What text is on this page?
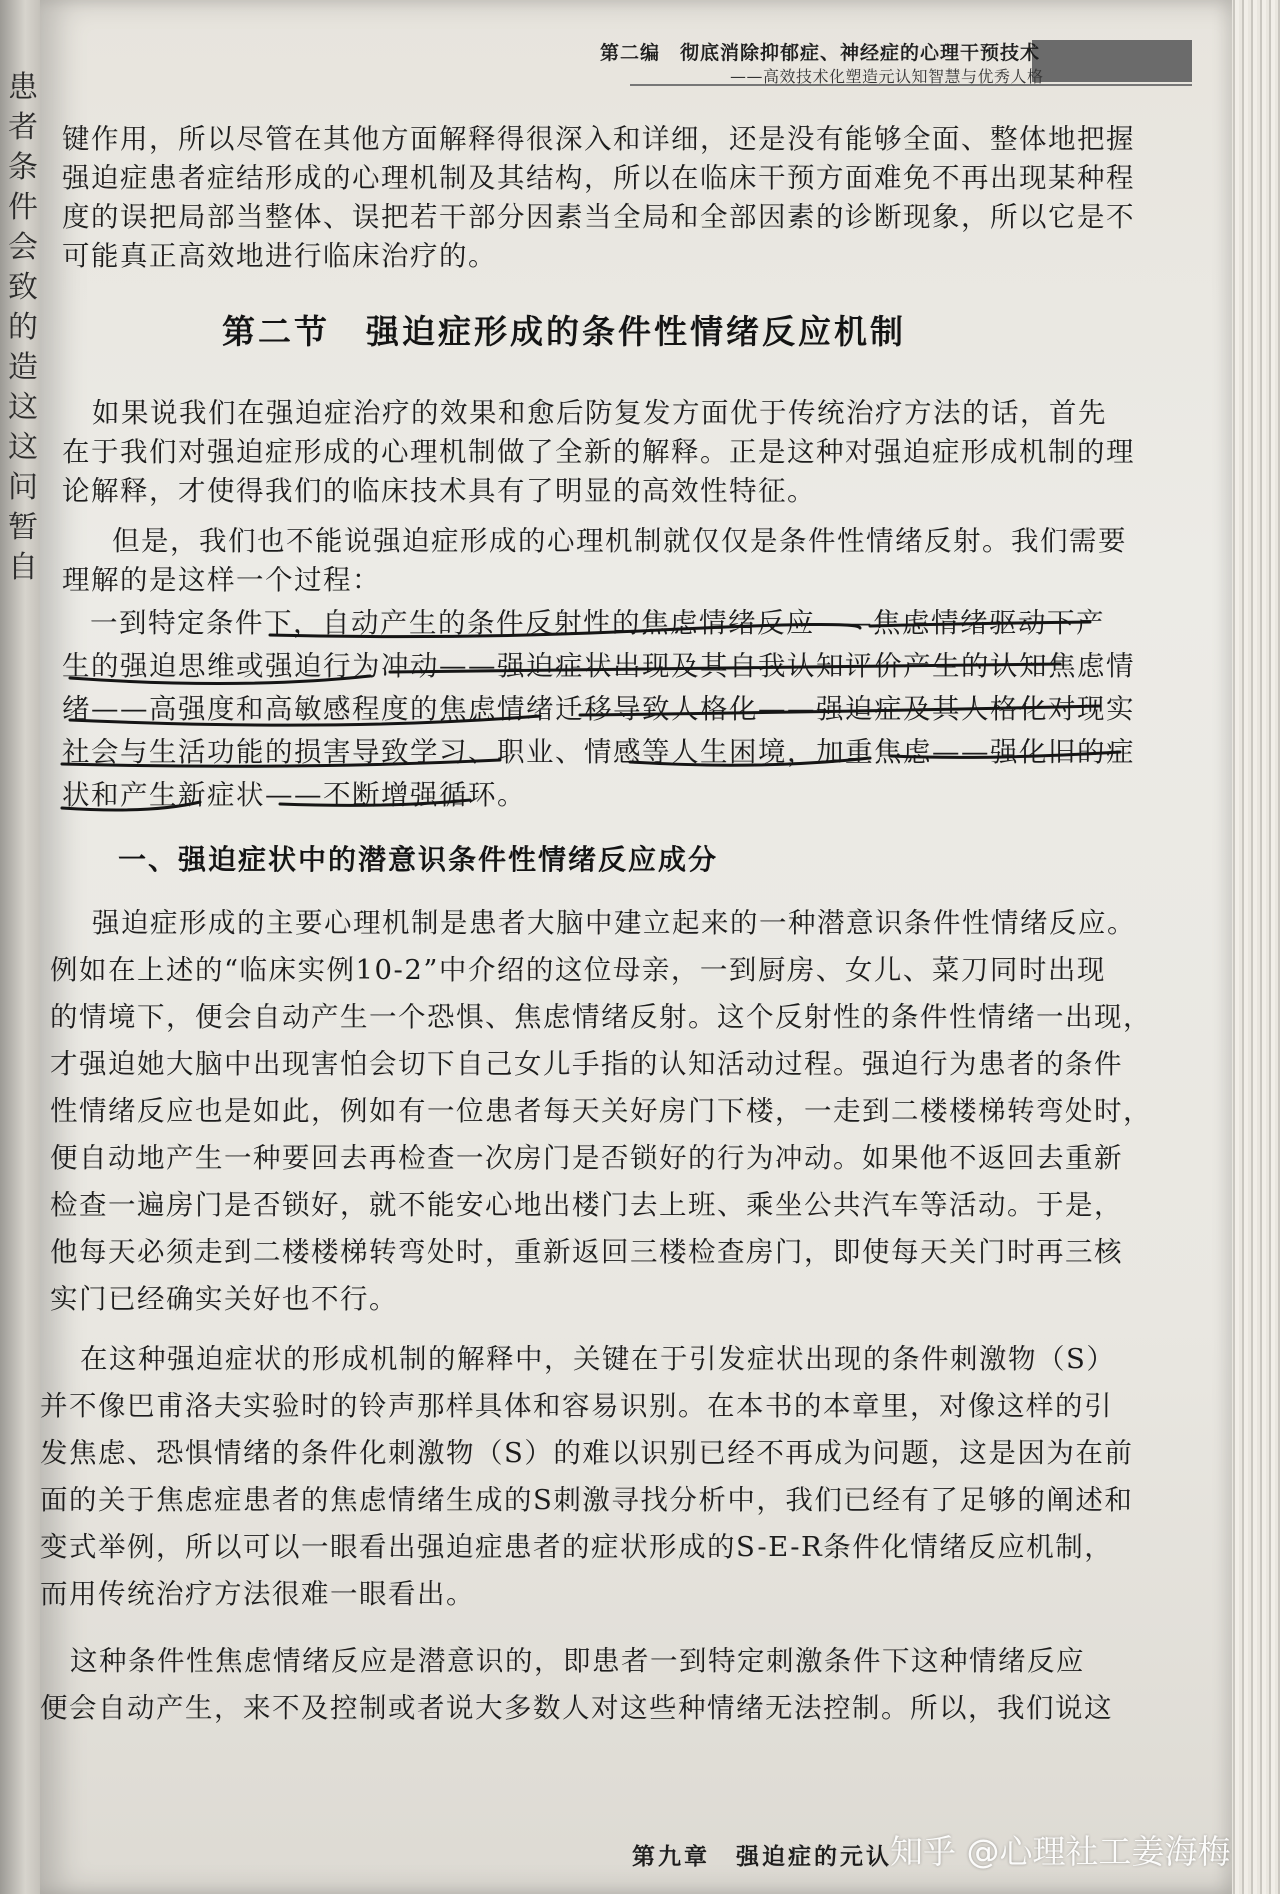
患
者
条
件
会
致
的
造
这
这
问
暂
自
第二编　彻底消除抑郁症、神经症的心理干预技术
——高效技术化塑造元认知智慧与优秀人格
键作用，所以尽管在其他方面解释得很深入和详细，还是没有能够全面、整体地把握
强迫症患者症结形成的心理机制及其结构，所以在临床干预方面难免不再出现某种程
度的误把局部当整体、误把若干部分因素当全局和全部因素的诊断现象，所以它是不
可能真正高效地进行临床治疗的。
第二节　强迫症形成的条件性情绪反应机制
如果说我们在强迫症治疗的效果和愈后防复发方面优于传统治疗方法的话，首先
在于我们对强迫症形成的心理机制做了全新的解释。正是这种对强迫症形成机制的理
论解释，才使得我们的临床技术具有了明显的高效性特征。
但是，我们也不能说强迫症形成的心理机制就仅仅是条件性情绪反射。我们需要
理解的是这样一个过程：
一到特定条件下，自动产生的条件反射性的焦虑情绪反应——焦虑情绪驱动下产
生的强迫思维或强迫行为冲动——强迫症状出现及其自我认知评价产生的认知焦虑情
绪——高强度和高敏感程度的焦虑情绪迁移导致人格化——强迫症及其人格化对现实
社会与生活功能的损害导致学习、职业、情感等人生困境，加重焦虑——强化旧的症
状和产生新症状——不断增强循环。
一、强迫症状中的潜意识条件性情绪反应成分
强迫症形成的主要心理机制是患者大脑中建立起来的一种潜意识条件性情绪反应。
例如在上述的“临床实例10-2”中介绍的这位母亲，一到厨房、女儿、菜刀同时出现
的情境下，便会自动产生一个恐惧、焦虑情绪反射。这个反射性的条件性情绪一出现，
才强迫她大脑中出现害怕会切下自己女儿手指的认知活动过程。强迫行为患者的条件
性情绪反应也是如此，例如有一位患者每天关好房门下楼，一走到二楼楼梯转弯处时，
便自动地产生一种要回去再检查一次房门是否锁好的行为冲动。如果他不返回去重新
检查一遍房门是否锁好，就不能安心地出楼门去上班、乘坐公共汽车等活动。于是，
他每天必须走到二楼楼梯转弯处时，重新返回三楼检查房门，即使每天关门时再三核
实门已经确实关好也不行。
在这种强迫症状的形成机制的解释中，关键在于引发症状出现的条件刺激物（S）
并不像巴甫洛夫实验时的铃声那样具体和容易识别。在本书的本章里，对像这样的引
发焦虑、恐惧情绪的条件化刺激物（S）的难以识别已经不再成为问题，这是因为在前
面的关于焦虑症患者的焦虑情绪生成的S刺激寻找分析中，我们已经有了足够的阐述和
变式举例，所以可以一眼看出强迫症患者的症状形成的S-E-R条件化情绪反应机制，
而用传统治疗方法很难一眼看出。
这种条件性焦虑情绪反应是潜意识的，即患者一到特定刺激条件下这种情绪反应
便会自动产生，来不及控制或者说大多数人对这些种情绪无法控制。所以，我们说这
第九章　强迫症的元认
知乎 @心理社工姜海梅
